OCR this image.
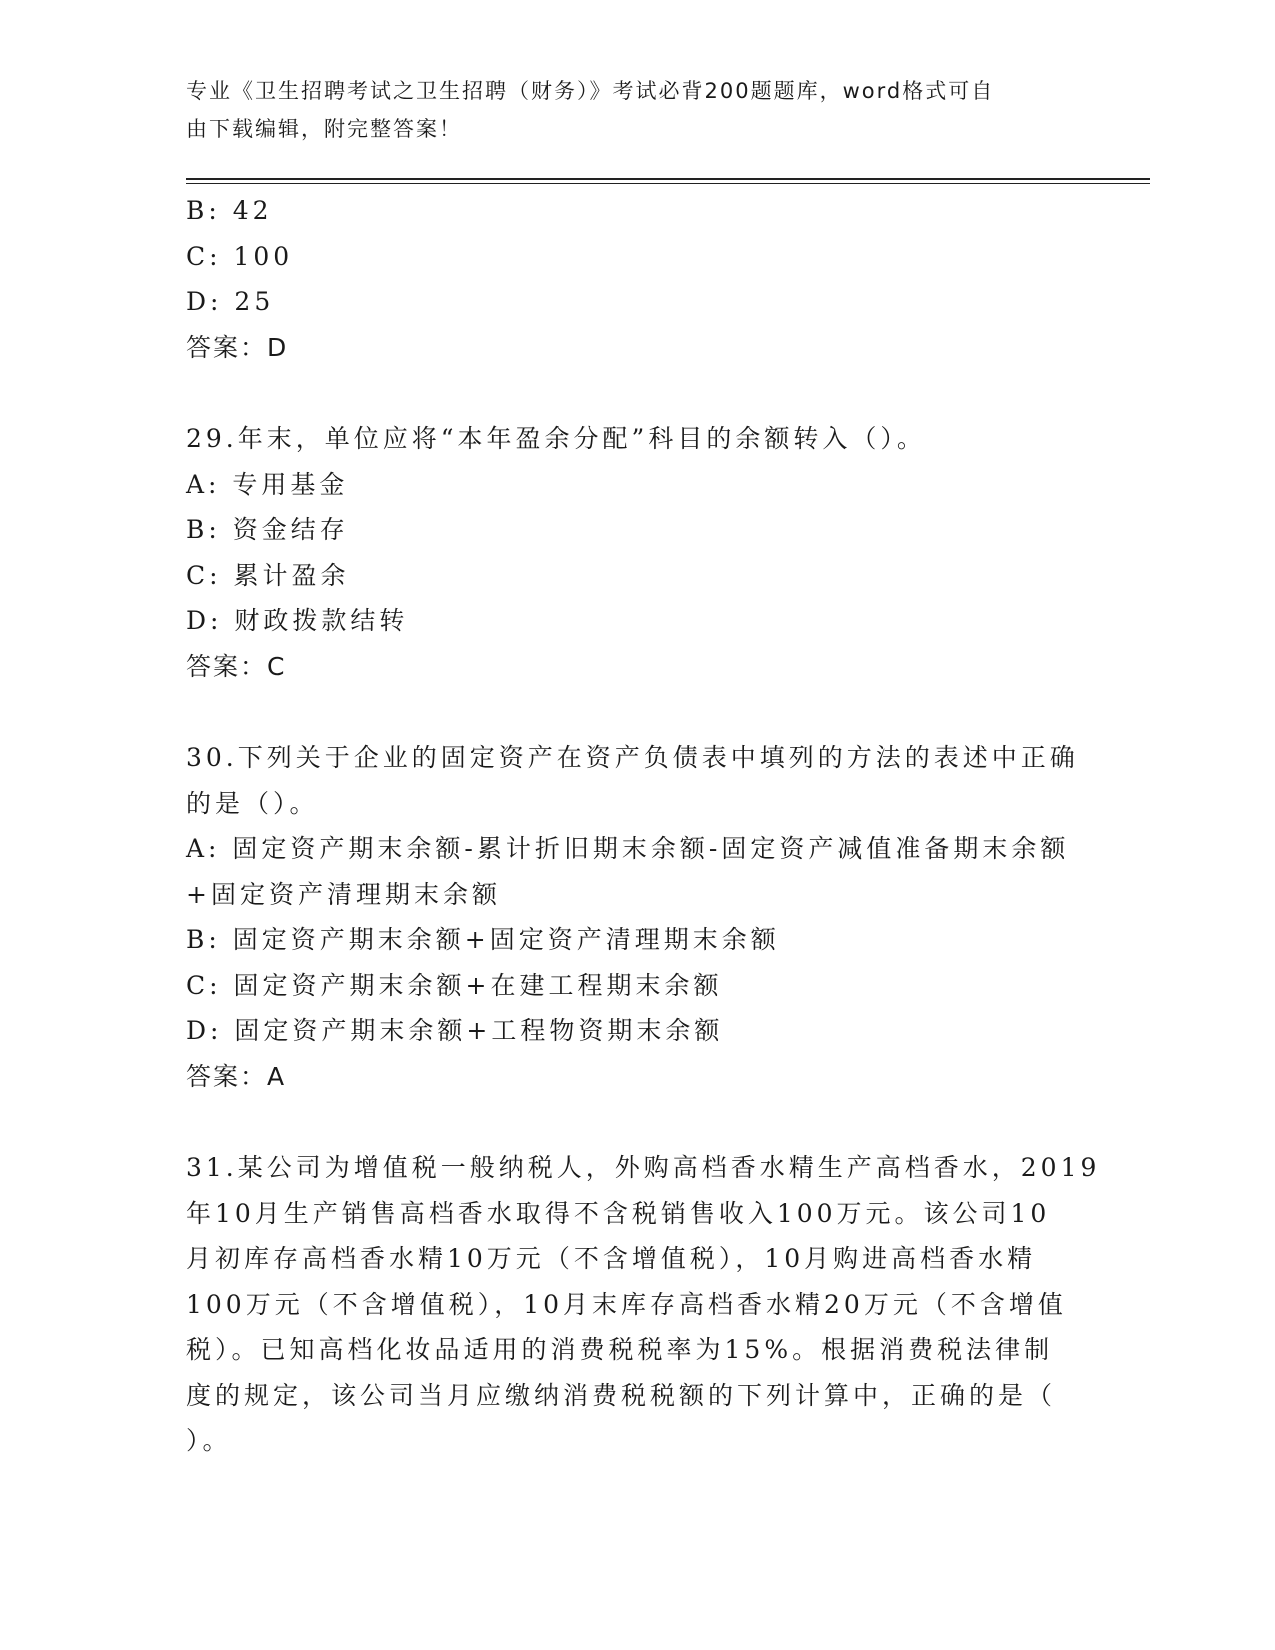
专业《卫生招聘考试之卫生招聘（财务）》考试必背200题题库，word格式可自
由下载编辑，附完整答案！
B: 42
C: 100
D: 25
答案：D
29.年末，单位应将“本年盈余分配”科目的余额转入（）。
A: 专用基金
B: 资金结存
C: 累计盈余
D: 财政拨款结转
答案：C
30.下列关于企业的固定资产在资产负债表中填列的方法的表述中正确
的是（）。
A: 固定资产期末余额-累计折旧期末余额-固定资产减值准备期末余额
+固定资产清理期末余额
B: 固定资产期末余额+固定资产清理期末余额
C: 固定资产期末余额+在建工程期末余额
D: 固定资产期末余额+工程物资期末余额
答案：A
31.某公司为增值税一般纳税人，外购高档香水精生产高档香水，2019
年10月生产销售高档香水取得不含税销售收入100万元。该公司10
月初库存高档香水精10万元（不含增值税），10月购进高档香水精
100万元（不含增值税），10月末库存高档香水精20万元（不含增值
税）。已知高档化妆品适用的消费税税率为15%。根据消费税法律制
度的规定，该公司当月应缴纳消费税税额的下列计算中，正确的是（
）。
